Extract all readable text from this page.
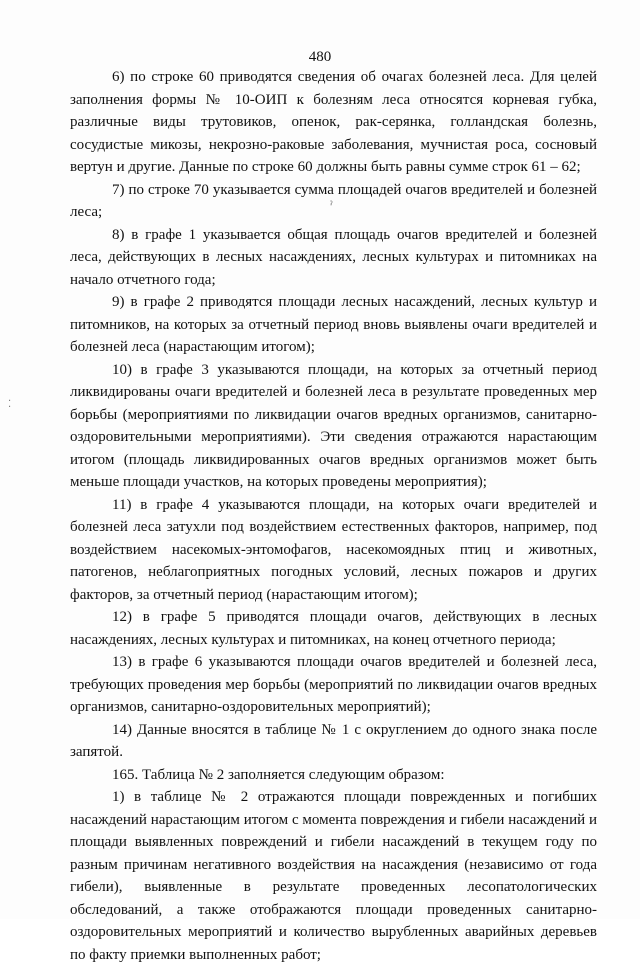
480

6) по строке 60 приводятся сведения об очагах болезней леса. Для целей заполнения формы № 10-ОИП к болезням леса относятся корневая губка, различные виды трутовиков, опенок, рак-серянка, голландская болезнь, сосудистые микозы, некрозно-раковые заболевания, мучнистая роса, сосновый вертун и другие. Данные по строке 60 должны быть равны сумме строк 61 – 62;

7) по строке 70 указывается сумма площадей очагов вредителей и болезней леса;

8) в графе 1 указывается общая площадь очагов вредителей и болезней леса, действующих в лесных насаждениях, лесных культурах и питомниках на начало отчетного года;

9) в графе 2 приводятся площади лесных насаждений, лесных культур и питомников, на которых за отчетный период вновь выявлены очаги вредителей и болезней леса (нарастающим итогом);

10) в графе 3 указываются площади, на которых за отчетный период ликвидированы очаги вредителей и болезней леса в результате проведенных мер борьбы (мероприятиями по ликвидации очагов вредных организмов, санитарно-оздоровительными мероприятиями). Эти сведения отражаются нарастающим итогом (площадь ликвидированных очагов вредных организмов может быть меньше площади участков, на которых проведены мероприятия);

11) в графе 4 указываются площади, на которых очаги вредителей и болезней леса затухли под воздействием естественных факторов, например, под воздействием насекомых-энтомофагов, насекомоядных птиц и животных, патогенов, неблагоприятных погодных условий, лесных пожаров и других факторов, за отчетный период (нарастающим итогом);

12) в графе 5 приводятся площади очагов, действующих в лесных насаждениях, лесных культурах и питомниках, на конец отчетного периода;

13) в графе 6 указываются площади очагов вредителей и болезней леса, требующих проведения мер борьбы (мероприятий по ликвидации очагов вредных организмов, санитарно-оздоровительных мероприятий);

14) Данные вносятся в таблице № 1 с округлением до одного знака после запятой.

165. Таблица № 2 заполняется следующим образом:

1) в таблице № 2 отражаются площади поврежденных и погибших насаждений нарастающим итогом с момента повреждения и гибели насаждений и площади выявленных повреждений и гибели насаждений в текущем году по разным причинам негативного воздействия на насаждения (независимо от года гибели), выявленные в результате проведенных лесопатологических обследований, а также отображаются площади проведенных санитарно-оздоровительных мероприятий и количество вырубленных аварийных деревьев по факту приемки выполненных работ;

ˀ
⁚
